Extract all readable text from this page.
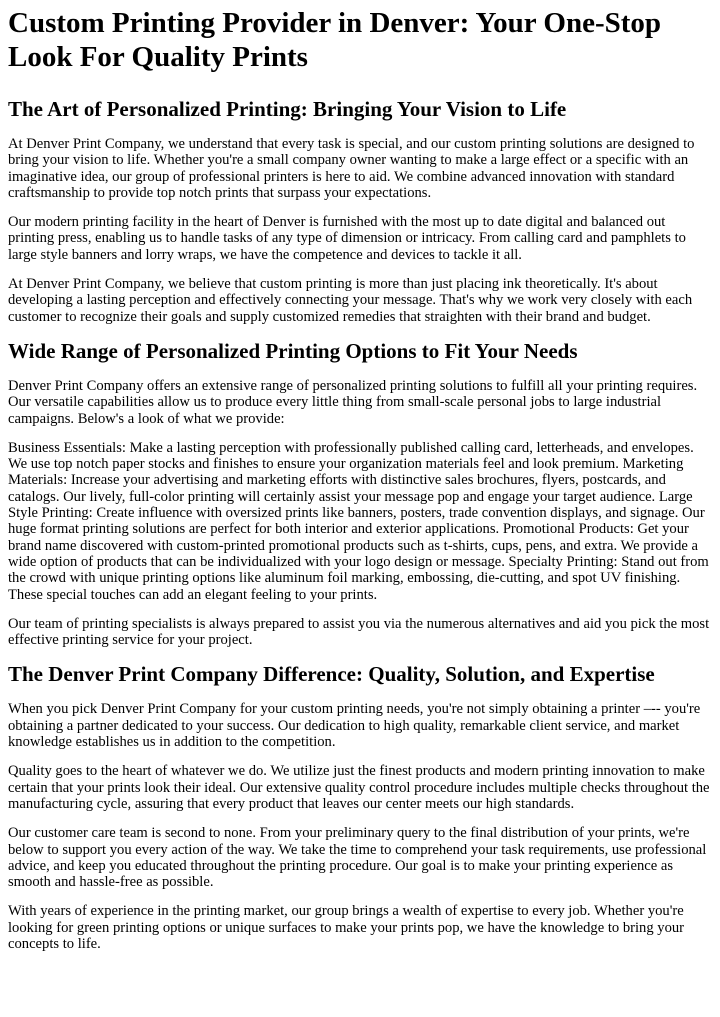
Custom Printing Provider in Denver: Your One-Stop Look For Quality Prints
The Art of Personalized Printing: Bringing Your Vision to Life

At Denver Print Company, we understand that every task is special, and our custom printing solutions are designed to bring your vision to life. Whether you're a small company owner wanting to make a large effect or a specific with an imaginative idea, our group of professional printers is here to aid. We combine advanced innovation with standard craftsmanship to provide top notch prints that surpass your expectations.

Our modern printing facility in the heart of Denver is furnished with the most up to date digital and balanced out printing press, enabling us to handle tasks of any type of dimension or intricacy. From calling card and pamphlets to large style banners and lorry wraps, we have the competence and devices to tackle it all.

At Denver Print Company, we believe that custom printing is more than just placing ink theoretically. It's about developing a lasting perception and effectively connecting your message. That's why we work very closely with each customer to recognize their goals and supply customized remedies that straighten with their brand and budget.

Wide Range of Personalized Printing Options to Fit Your Needs

Denver Print Company offers an extensive range of personalized printing solutions to fulfill all your printing requires. Our versatile capabilities allow us to produce every little thing from small-scale personal jobs to large industrial campaigns. Below's a look of what we provide:

Business Essentials: Make a lasting perception with professionally published calling card, letterheads, and envelopes. We use top notch paper stocks and finishes to ensure your organization materials feel and look premium. Marketing Materials: Increase your advertising and marketing efforts with distinctive sales brochures, flyers, postcards, and catalogs. Our lively, full-color printing will certainly assist your message pop and engage your target audience. Large Style Printing: Create influence with oversized prints like banners, posters, trade convention displays, and signage. Our huge format printing solutions are perfect for both interior and exterior applications. Promotional Products: Get your brand name discovered with custom-printed promotional products such as t-shirts, cups, pens, and extra. We provide a wide option of products that can be individualized with your logo design or message. Specialty Printing: Stand out from the crowd with unique printing options like aluminum foil marking, embossing, die-cutting, and spot UV finishing. These special touches can add an elegant feeling to your prints.

Our team of printing specialists is always prepared to assist you via the numerous alternatives and aid you pick the most effective printing service for your project.

The Denver Print Company Difference: Quality, Solution, and Expertise

When you pick Denver Print Company for your custom printing needs, you're not simply obtaining a printer –-- you're obtaining a partner dedicated to your success. Our dedication to high quality, remarkable client service, and market knowledge establishes us in addition to the competition.

Quality goes to the heart of whatever we do. We utilize just the finest products and modern printing innovation to make certain that your prints look their ideal. Our extensive quality control procedure includes multiple checks throughout the manufacturing cycle, assuring that every product that leaves our center meets our high standards.

Our customer care team is second to none. From your preliminary query to the final distribution of your prints, we're below to support you every action of the way. We take the time to comprehend your task requirements, use professional advice, and keep you educated throughout the printing procedure. Our goal is to make your printing experience as smooth and hassle-free as possible.

With years of experience in the printing market, our group brings a wealth of expertise to every job. Whether you're looking for green printing options or unique surfaces to make your prints pop, we have the knowledge to bring your concepts to life.
